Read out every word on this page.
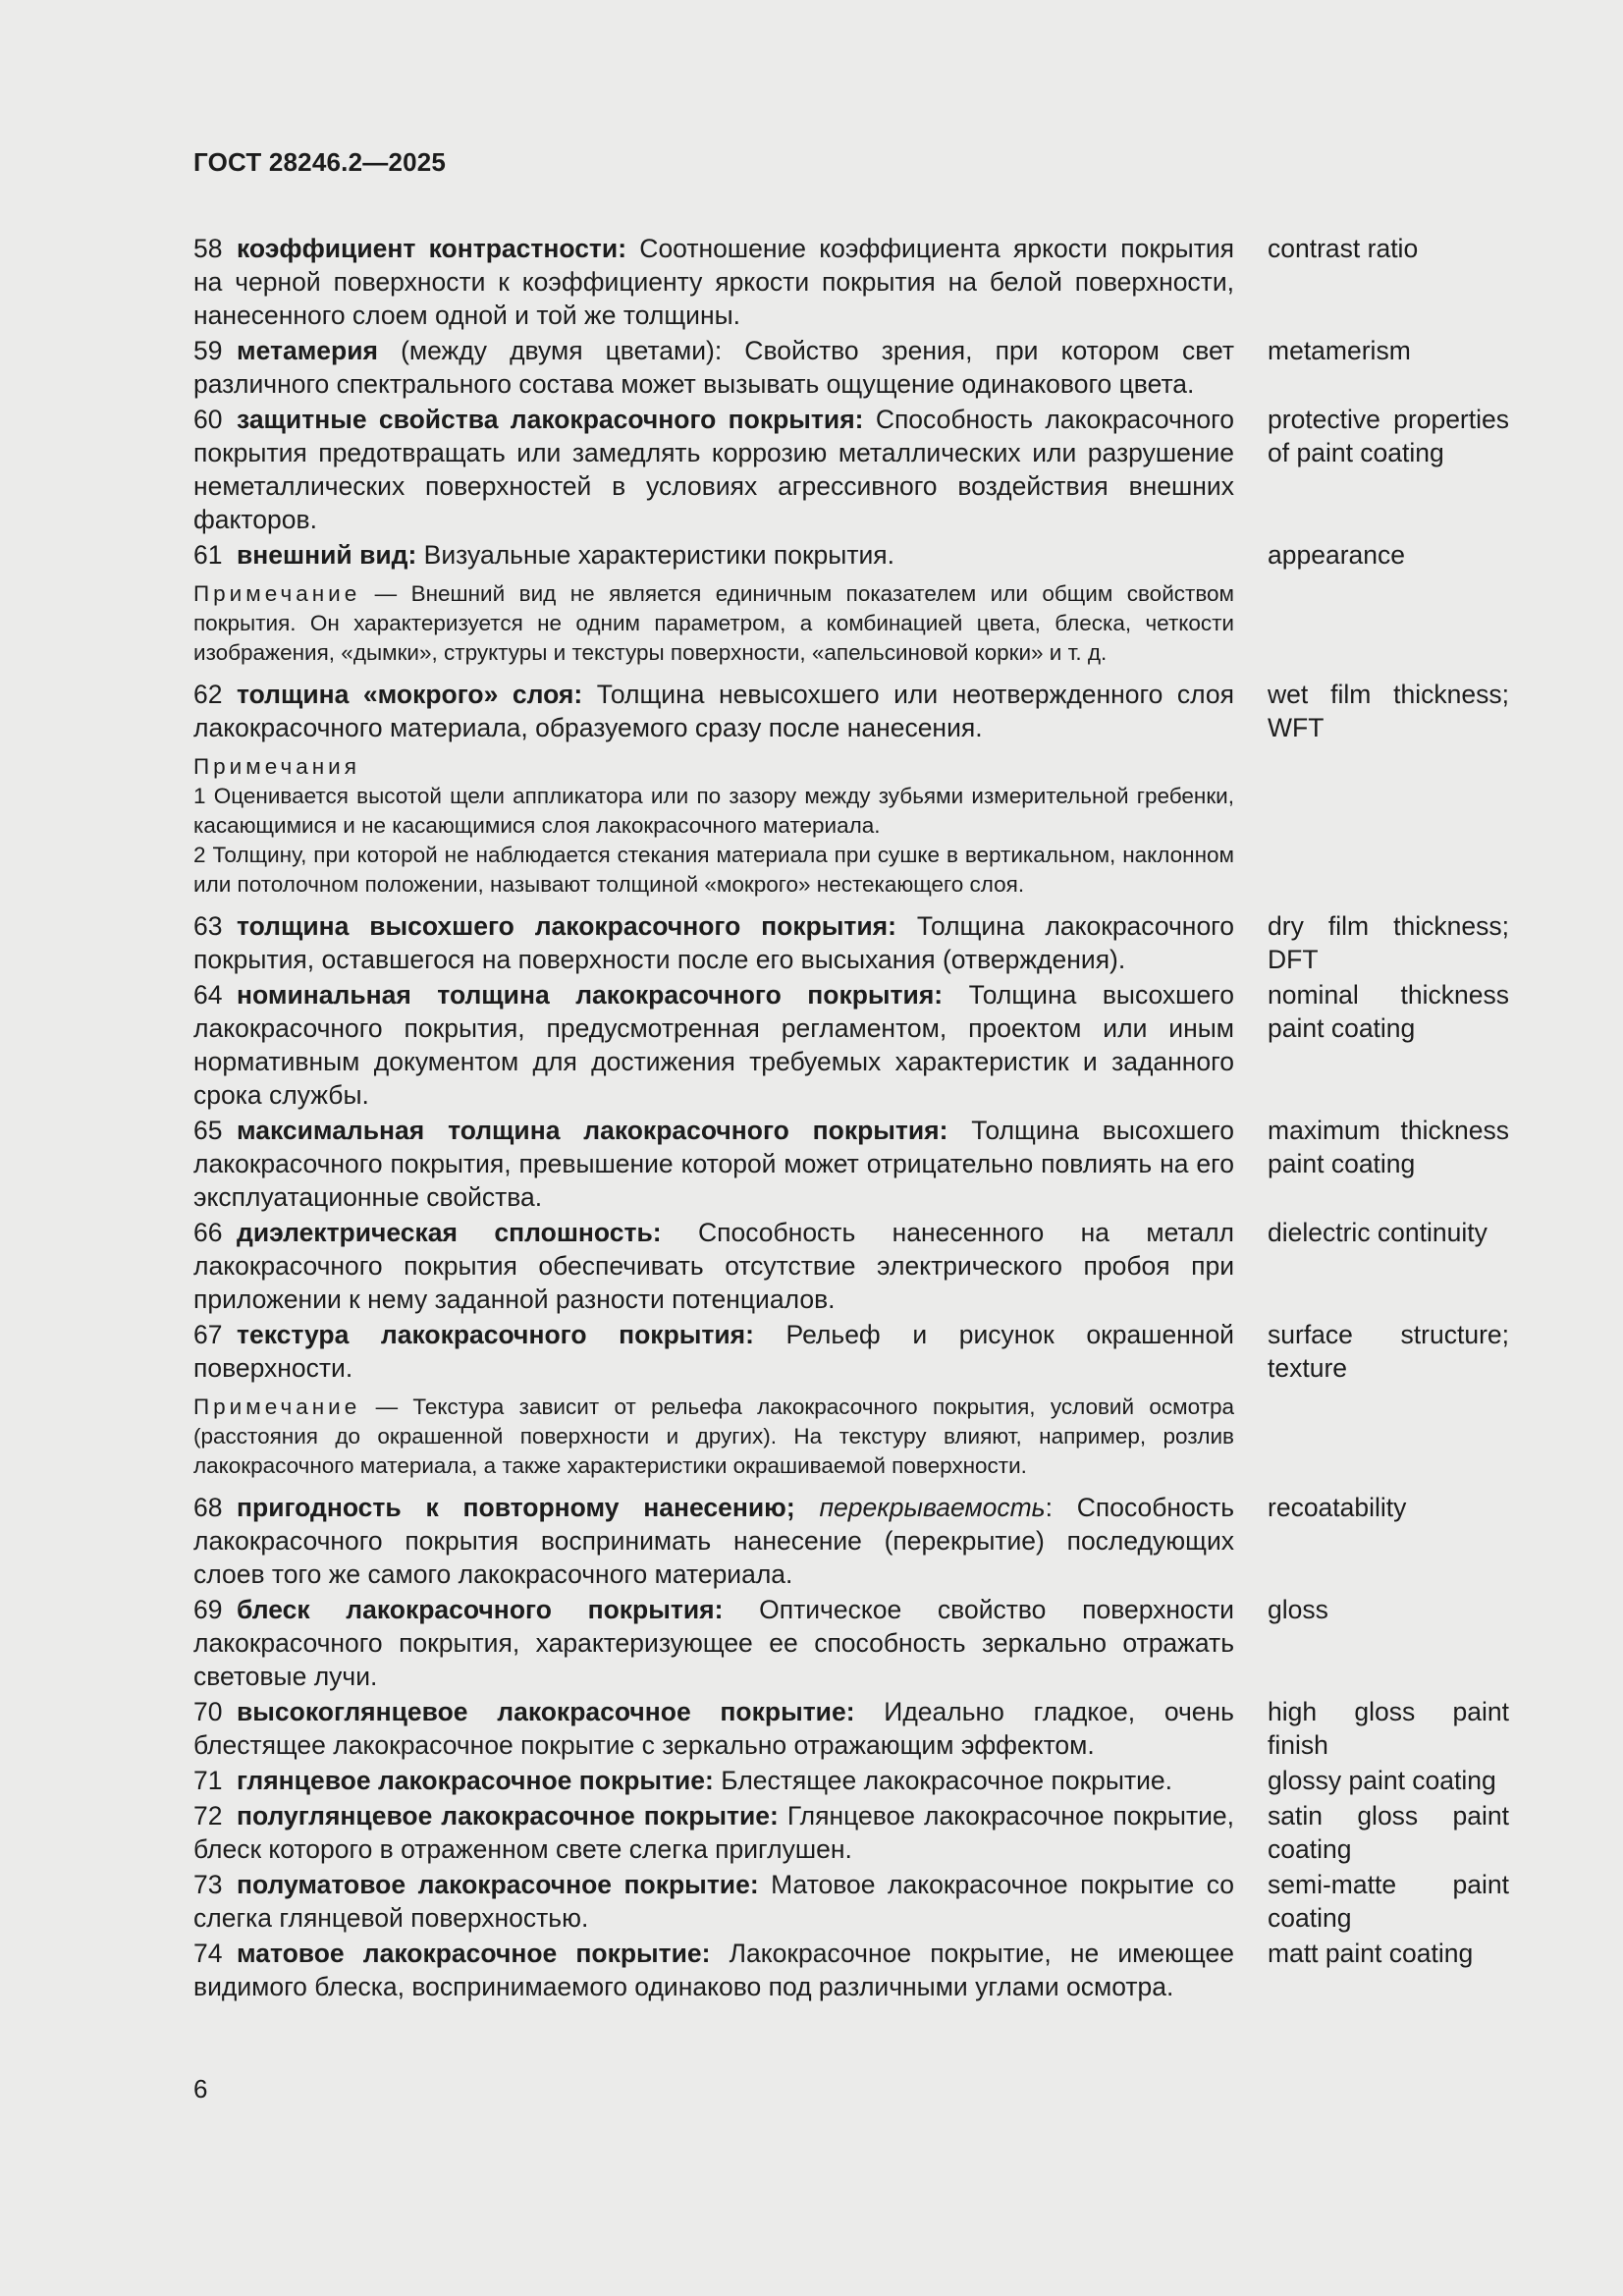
ГОСТ 28246.2—2025
58 коэффициент контрастности: Соотношение коэффициента яркости покрытия на черной поверхности к коэффициенту яркости покрытия на белой поверхности, нанесенного слоем одной и той же толщины.
contrast ratio
59 метамерия (между двумя цветами): Свойство зрения, при котором свет различного спектрального состава может вызывать ощущение одинакового цвета.
metamerism
60 защитные свойства лакокрасочного покрытия: Способность лакокрасочного покрытия предотвращать или замедлять коррозию металлических или разрушение неметаллических поверхностей в условиях агрессивного воздействия внешних факторов.
protective properties of paint coating
61 внешний вид: Визуальные характеристики покрытия.	appearance
Примечание — Внешний вид не является единичным показателем или общим свойством покрытия. Он характеризуется не одним параметром, а комбинацией цвета, блеска, четкости изображения, «дымки», структуры и текстуры поверхности, «апельсиновой корки» и т. д.
62 толщина «мокрого» слоя: Толщина невысохшего или неотвержденного слоя лакокрасочного материала, образуемого сразу после нанесения.
wet film thickness; WFT

Примечания

1 Оценивается высотой щели аппликатора или по зазору между зубьями измерительной гребенки, касающимися и не касающимися слоя лакокрасочного материала.

2 Толщину, при которой не наблюдается стекания материала при сушке в вертикальном, наклонном или потолочном положении, называют толщиной «мокрого» нестекающего слоя.

63 толщина высохшего лакокрасочного покрытия: Толщина лакокрасочного покрытия, оставшегося на поверхности после его высыхания (отверждения).
dry film thickness; DFT
64 номинальная толщина лакокрасочного покрытия: Толщина высохшего лакокрасочного покрытия, предусмотренная регламентом, проектом или иным нормативным документом для достижения требуемых характеристик и заданного срока службы.
nominal thickness paint coating
65 максимальная толщина лакокрасочного покрытия: Толщина высохшего лакокрасочного покрытия, превышение которой может отрицательно повлиять на его эксплуатационные свойства.
maximum thickness paint coating
66 диэлектрическая сплошность: Способность нанесенного на металл лакокрасочного покрытия обеспечивать отсутствие электрического пробоя при приложении к нему заданной разности потенциалов.
dielectric continuity
67 текстура лакокрасочного покрытия: Рельеф и рисунок окрашенной поверхности.
surface structure; texture
Примечание — Текстура зависит от рельефа лакокрасочного покрытия, условий осмотра (расстояния до окрашенной поверхности и других). На текстуру влияют, например, розлив лакокрасочного материала, а также характеристики окрашиваемой поверхности.
68 пригодность к повторному нанесению; перекрываемость: Способность лакокрасочного покрытия воспринимать нанесение (перекрытие) последующих слоев того же самого лакокрасочного материала.
recoatability
69 блеск лакокрасочного покрытия: Оптическое свойство поверхности лакокрасочного покрытия, характеризующее ее способность зеркально отражать световые лучи.
gloss
70 высокоглянцевое лакокрасочное покрытие: Идеально гладкое, очень блестящее лакокрасочное покрытие с зеркально отражающим эффектом.
high gloss paint finish
71 глянцевое лакокрасочное покрытие: Блестящее лакокрасочное покрытие.	glossy paint coating
72 полуглянцевое лакокрасочное покрытие: Глянцевое лакокрасочное покрытие, блеск которого в отраженном свете слегка приглушен.
satin gloss paint coating
73 полуматовое лакокрасочное покрытие: Матовое лакокрасочное покрытие со слегка глянцевой поверхностью.
semi-matte paint coating
74 матовое лакокрасочное покрытие: Лакокрасочное покрытие, не имеющее видимого блеска, воспринимаемого одинаково под различными углами осмотра.
matt paint coating
6
